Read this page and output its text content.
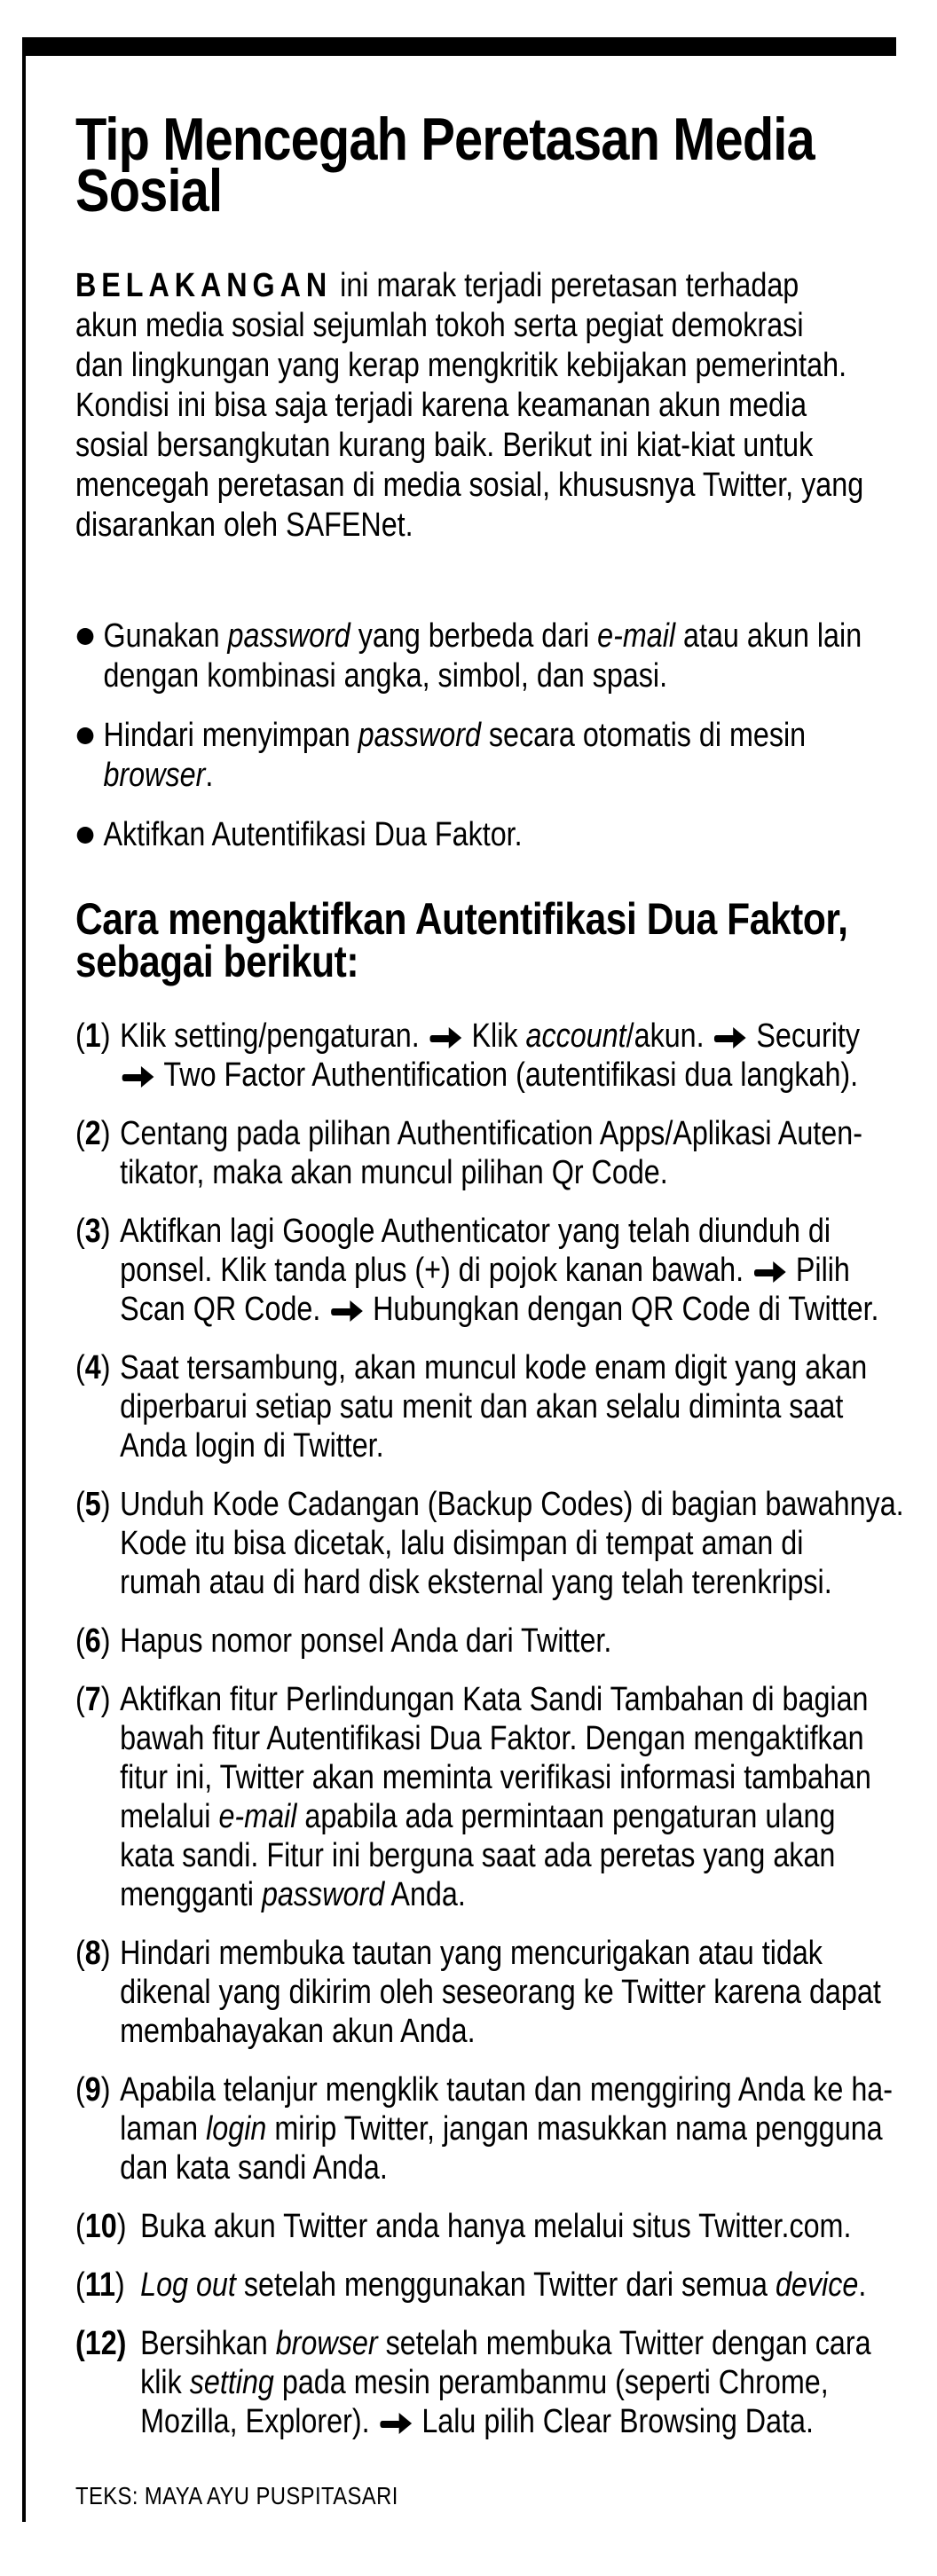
Tip Mencegah Peretasan Media
Sosial
BELAKANGAN ini marak terjadi peretasan terhadap
akun media sosial sejumlah tokoh serta pegiat demokrasi
dan lingkungan yang kerap mengkritik kebijakan pemerintah.
Kondisi ini bisa saja terjadi karena keamanan akun media
sosial bersangkutan kurang baik. Berikut ini kiat-kiat untuk
mencegah peretasan di media sosial, khususnya Twitter, yang
disarankan oleh SAFENet.
Gunakan password yang berbeda dari e-mail atau akun lain
dengan kombinasi angka, simbol, dan spasi.
Hindari menyimpan password secara otomatis di mesin
browser.
Aktifkan Autentifikasi Dua Faktor.
Cara mengaktifkan Autentifikasi Dua Faktor,
sebagai berikut:
(1) Klik setting/pengaturan.
Klik account/akun.
Security
Two Factor Authentification (autentifikasi dua langkah).
(2) Centang pada pilihan Authentification Apps/Aplikasi Auten-
tikator, maka akan muncul pilihan Qr Code.
(3) Aktifkan lagi Google Authenticator yang telah diunduh di
ponsel. Klik tanda plus (+) di pojok kanan bawah.
Pilih
Scan QR Code.
Hubungkan dengan QR Code di Twitter.
(4) Saat tersambung, akan muncul kode enam digit yang akan
diperbarui setiap satu menit dan akan selalu diminta saat
Anda login di Twitter.
(5) Unduh Kode Cadangan (Backup Codes) di bagian bawahnya.
Kode itu bisa dicetak, lalu disimpan di tempat aman di
rumah atau di hard disk eksternal yang telah terenkripsi.
(6) Hapus nomor ponsel Anda dari Twitter.
(7) Aktifkan fitur Perlindungan Kata Sandi Tambahan di bagian
bawah fitur Autentifikasi Dua Faktor. Dengan mengaktifkan
fitur ini, Twitter akan meminta verifikasi informasi tambahan
melalui e-mail apabila ada permintaan pengaturan ulang
kata sandi. Fitur ini berguna saat ada peretas yang akan
mengganti password Anda.
(8) Hindari membuka tautan yang mencurigakan atau tidak
dikenal yang dikirim oleh seseorang ke Twitter karena dapat
membahayakan akun Anda.
(9) Apabila telanjur mengklik tautan dan menggiring Anda ke ha-
laman login mirip Twitter, jangan masukkan nama pengguna
dan kata sandi Anda.
(10) Buka akun Twitter anda hanya melalui situs Twitter.com.
(11) Log out setelah menggunakan Twitter dari semua device.
(12) Bersihkan browser setelah membuka Twitter dengan cara
klik setting pada mesin perambanmu (seperti Chrome,
Mozilla, Explorer).
Lalu pilih Clear Browsing Data.
TEKS: MAYA AYU PUSPITASARI
